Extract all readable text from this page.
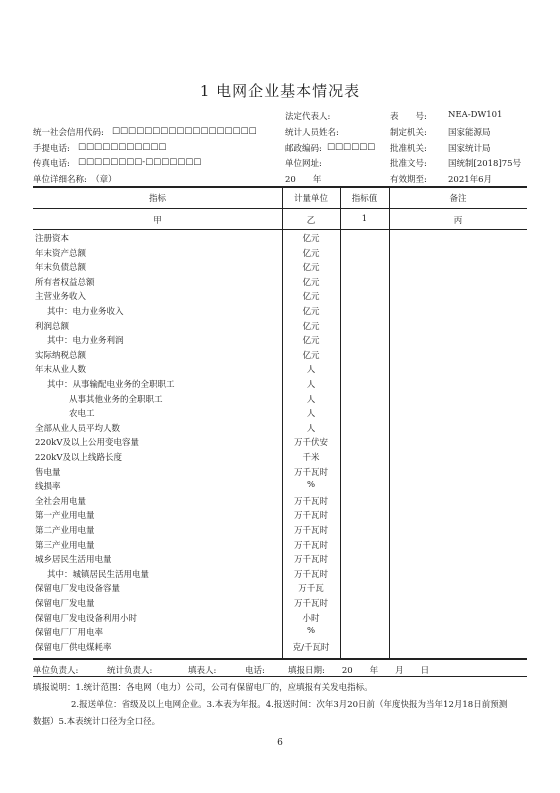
1 电网企业基本情况表
法定代表人:	表　　号: NEA-DW101
统一社会信用代码: □□□□□□□□□□□□□□□□□□	统计人员姓名:	制定机关: 国家能源局
手提电话: □□□□□□□□□□□	邮政编码: □□□□□□ 批准机关: 国家统计局
传真电话: □□□□□□□□-□□□□□□□	单位网址:	批准文号: 国统制[2018]75号
单位详细名称:　（章）	20　　年	有效期至: 2021年6月
指标	计量单位	指标值	备注
甲	乙	1	丙
注册资本	亿元
年末资产总额	亿元
年末负债总额	亿元
所有者权益总额	亿元
主营业务收入	亿元
其中：电力业务收入	亿元
利润总额	亿元
其中：电力业务利润	亿元
实际纳税总额	亿元
年末从业人数	人
其中：从事输配电业务的全职职工	人
从事其他业务的全职职工	人
农电工	人
全部从业人员平均人数	人
220kV及以上公用变电容量	万千伏安
220kV及以上线路长度	千米
售电量	万千瓦时
线损率	%
全社会用电量	万千瓦时
第一产业用电量	万千瓦时
第二产业用电量	万千瓦时
第三产业用电量	万千瓦时
城乡居民生活用电量	万千瓦时
其中：城镇居民生活用电量	万千瓦时
保留电厂发电设备容量	万千瓦
保留电厂发电量	万千瓦时
保留电厂发电设备利用小时	小时
保留电厂厂用电率	%
保留电厂供电煤耗率	克/千瓦时
单位负责人:	统计负责人:	填表人:	电话:	填报日期:　　20　　年　　月　　日
填报说明：1.统计范围：各电网（电力）公司，公司有保留电厂的，应填报有关发电指标。
2.报送单位：省级及以上电网企业。3.本表为年报。4.报送时间：次年3月20日前（年度快报为当年12月18日前预测
数据）5.本表统计口径为全口径。
6
